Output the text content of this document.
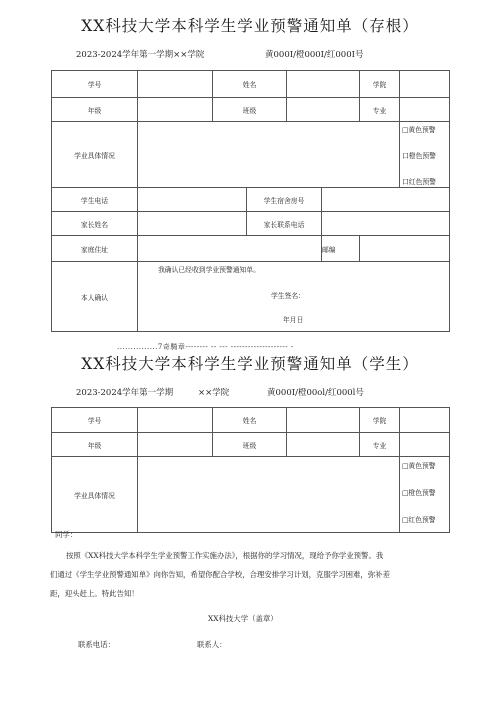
XX科技大学本科学生学业预警通知单（存根）
2023-2024学年第一学期××学院	黄000I/橙000I/红000I号
学号		姓名				学院	
年级		班级				专业	
学业具体情况							□黄色预警
口橙色预警
口红色预警

学生电话			学生宿舍房号				
家长姓名			家长联系电话				
家庭住址					邮编		
本人确认	我确认已经收到学业预警通知单。
学生签名：
年月日						
...............7奇騎章-------- -- --- -------------------- -
XX科技大学本科学生学业预警通知单（学生）
2023-2024学年第一学期	××学院	黄000I/橙00ol/红000l号
学号		姓名		学院	
年级		班级		专业	
学业具体情况					□黄色预警
□橙色预警
□红色预警
同学：
按照《XX科技大学本科学生学业预警工作实施办法》，根据你的学习情况，现给予你学业预警。我
们通过《学生学业预警通知单》向你告知，希望你配合学校，合理安排学习计划，克服学习困难，弥补差
距，迎头赶上。特此告知！
XX科技大学（盖章）
联系电话：	联系人：
